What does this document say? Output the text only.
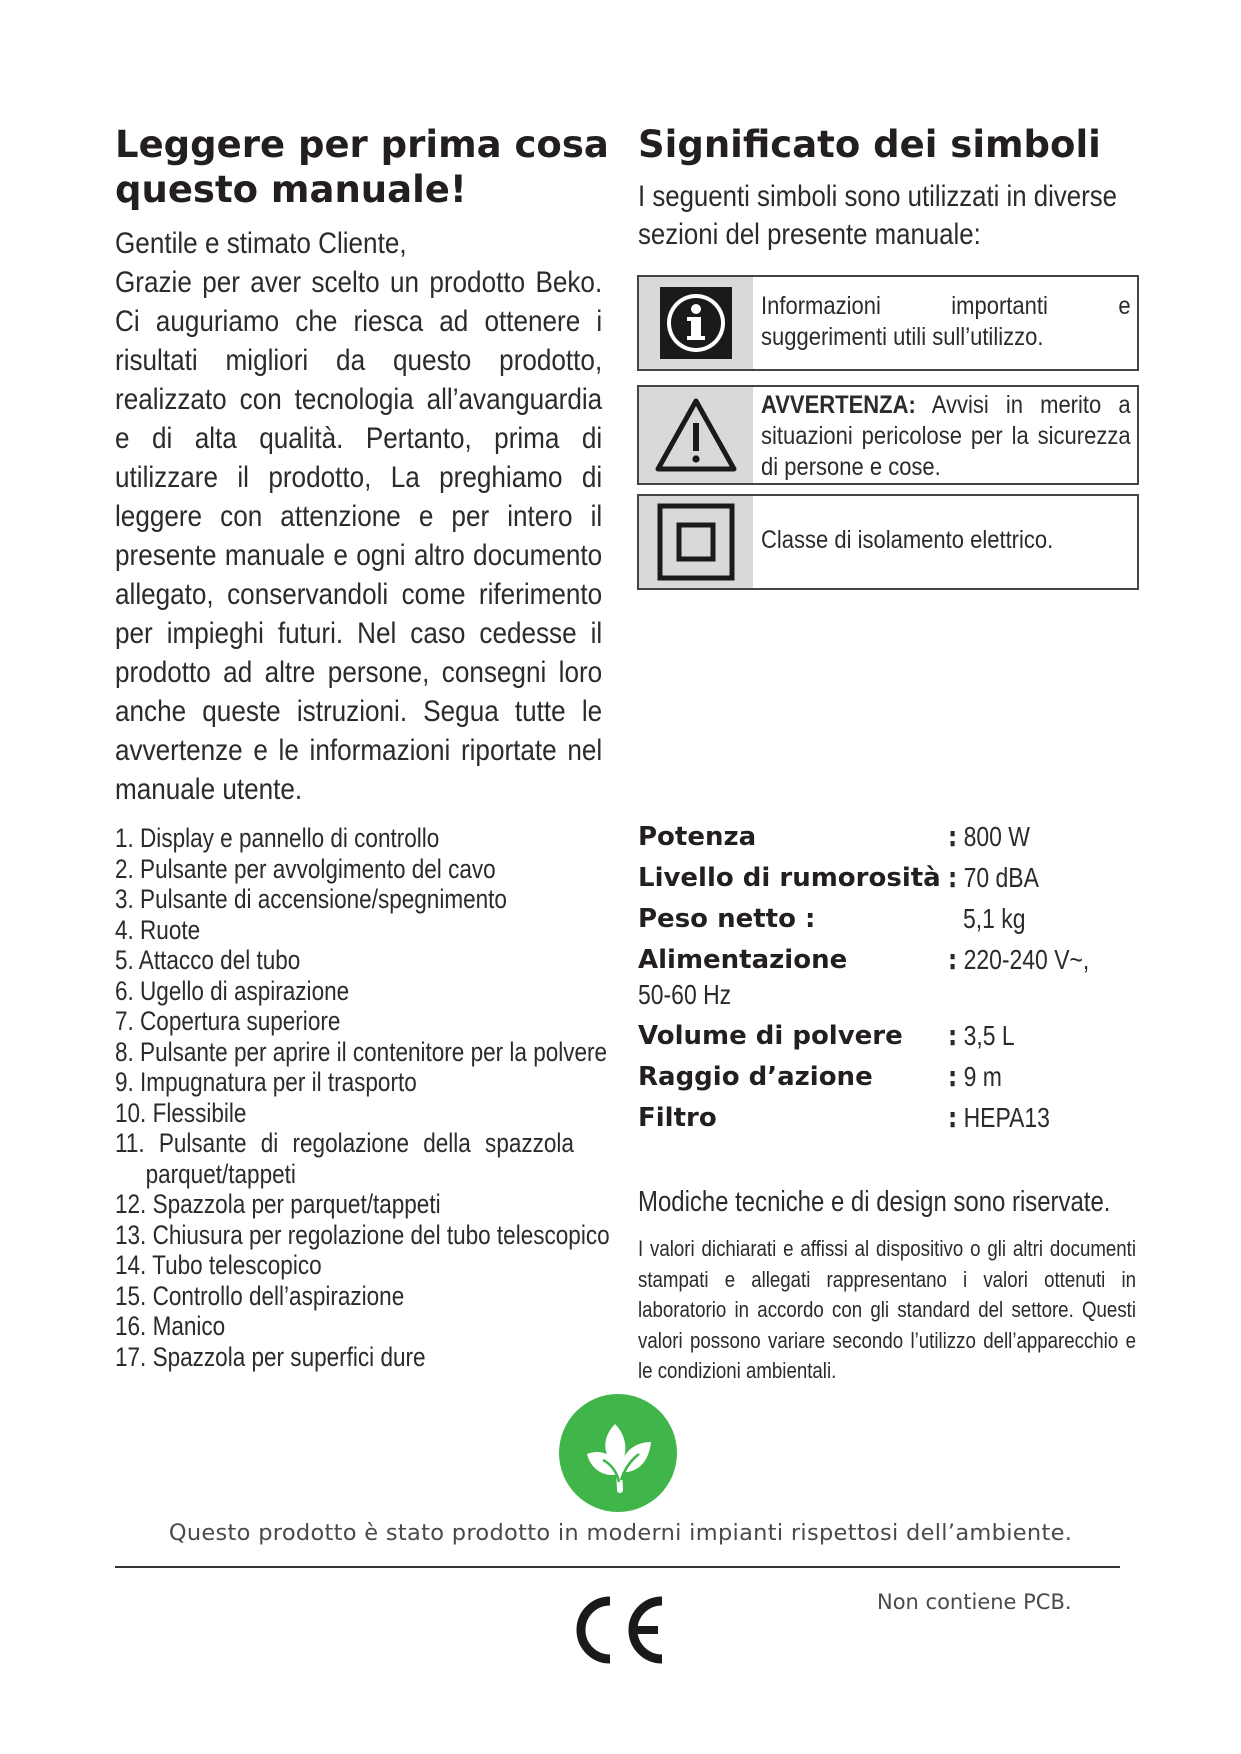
Leggere per prima cosa
questo manuale!
Significato dei simboli

Gentile e stimato Cliente,

Grazie per aver scelto un prodotto Beko. Ci auguriamo che riesca ad ottenere i risultati migliori da questo prodotto, realizzato con tecnologia all’avanguardia e di alta qualità. Pertanto, prima di utilizzare il prodotto, La preghiamo di leggere con attenzione e per intero il presente manuale e ogni altro documento allegato, conservandoli come riferimento per impieghi futuri. Nel caso cedesse il prodotto ad altre persone, consegni loro anche queste istruzioni. Segua tutte le avvertenze e le informazioni riportate nel manuale utente.

I seguenti simboli sono utilizzati in diverse sezioni del presente manuale:

Informazioni importanti e suggerimenti utili sull’utilizzo.
AVVERTENZA: Avvisi in merito a situazioni pericolose per la sicurezza di persone e cose.
Classe di isolamento elettrico.
1. Display e pannello di controllo
2. Pulsante per avvolgimento del cavo
3. Pulsante di accensione/spegnimento
4. Ruote
5. Attacco del tubo
6. Ugello di aspirazione
7. Copertura superiore
8. Pulsante per aprire il contenitore per la polvere
9. Impugnatura per il trasporto
10. Flessibile
11. Pulsante di regolazione della spazzola
parquet/tappeti
12. Spazzola per parquet/tappeti
13. Chiusura per regolazione del tubo telescopico
14. Tubo telescopico
15. Controllo dell’aspirazione
16. Manico
17. Spazzola per superfici dure
Potenza	: 800 W
Livello di rumorosità : 70 dBA
Peso netto :	5,1 kg
Alimentazione	: 220-240 V~,
50-60 Hz
Volume di polvere : 3,5 L
Raggio d’azione	: 9 m
Filtro	: HEPA13

Modiche tecniche e di design sono riservate.

I valori dichiarati e affissi al dispositivo o gli altri documenti stampati e allegati rappresentano i valori ottenuti in laboratorio in accordo con gli standard del settore. Questi valori possono variare secondo l’utilizzo dell’apparecchio e le condizioni ambientali.

Questo prodotto è stato prodotto in moderni impianti rispettosi dell’ambiente.

Non contiene PCB.
